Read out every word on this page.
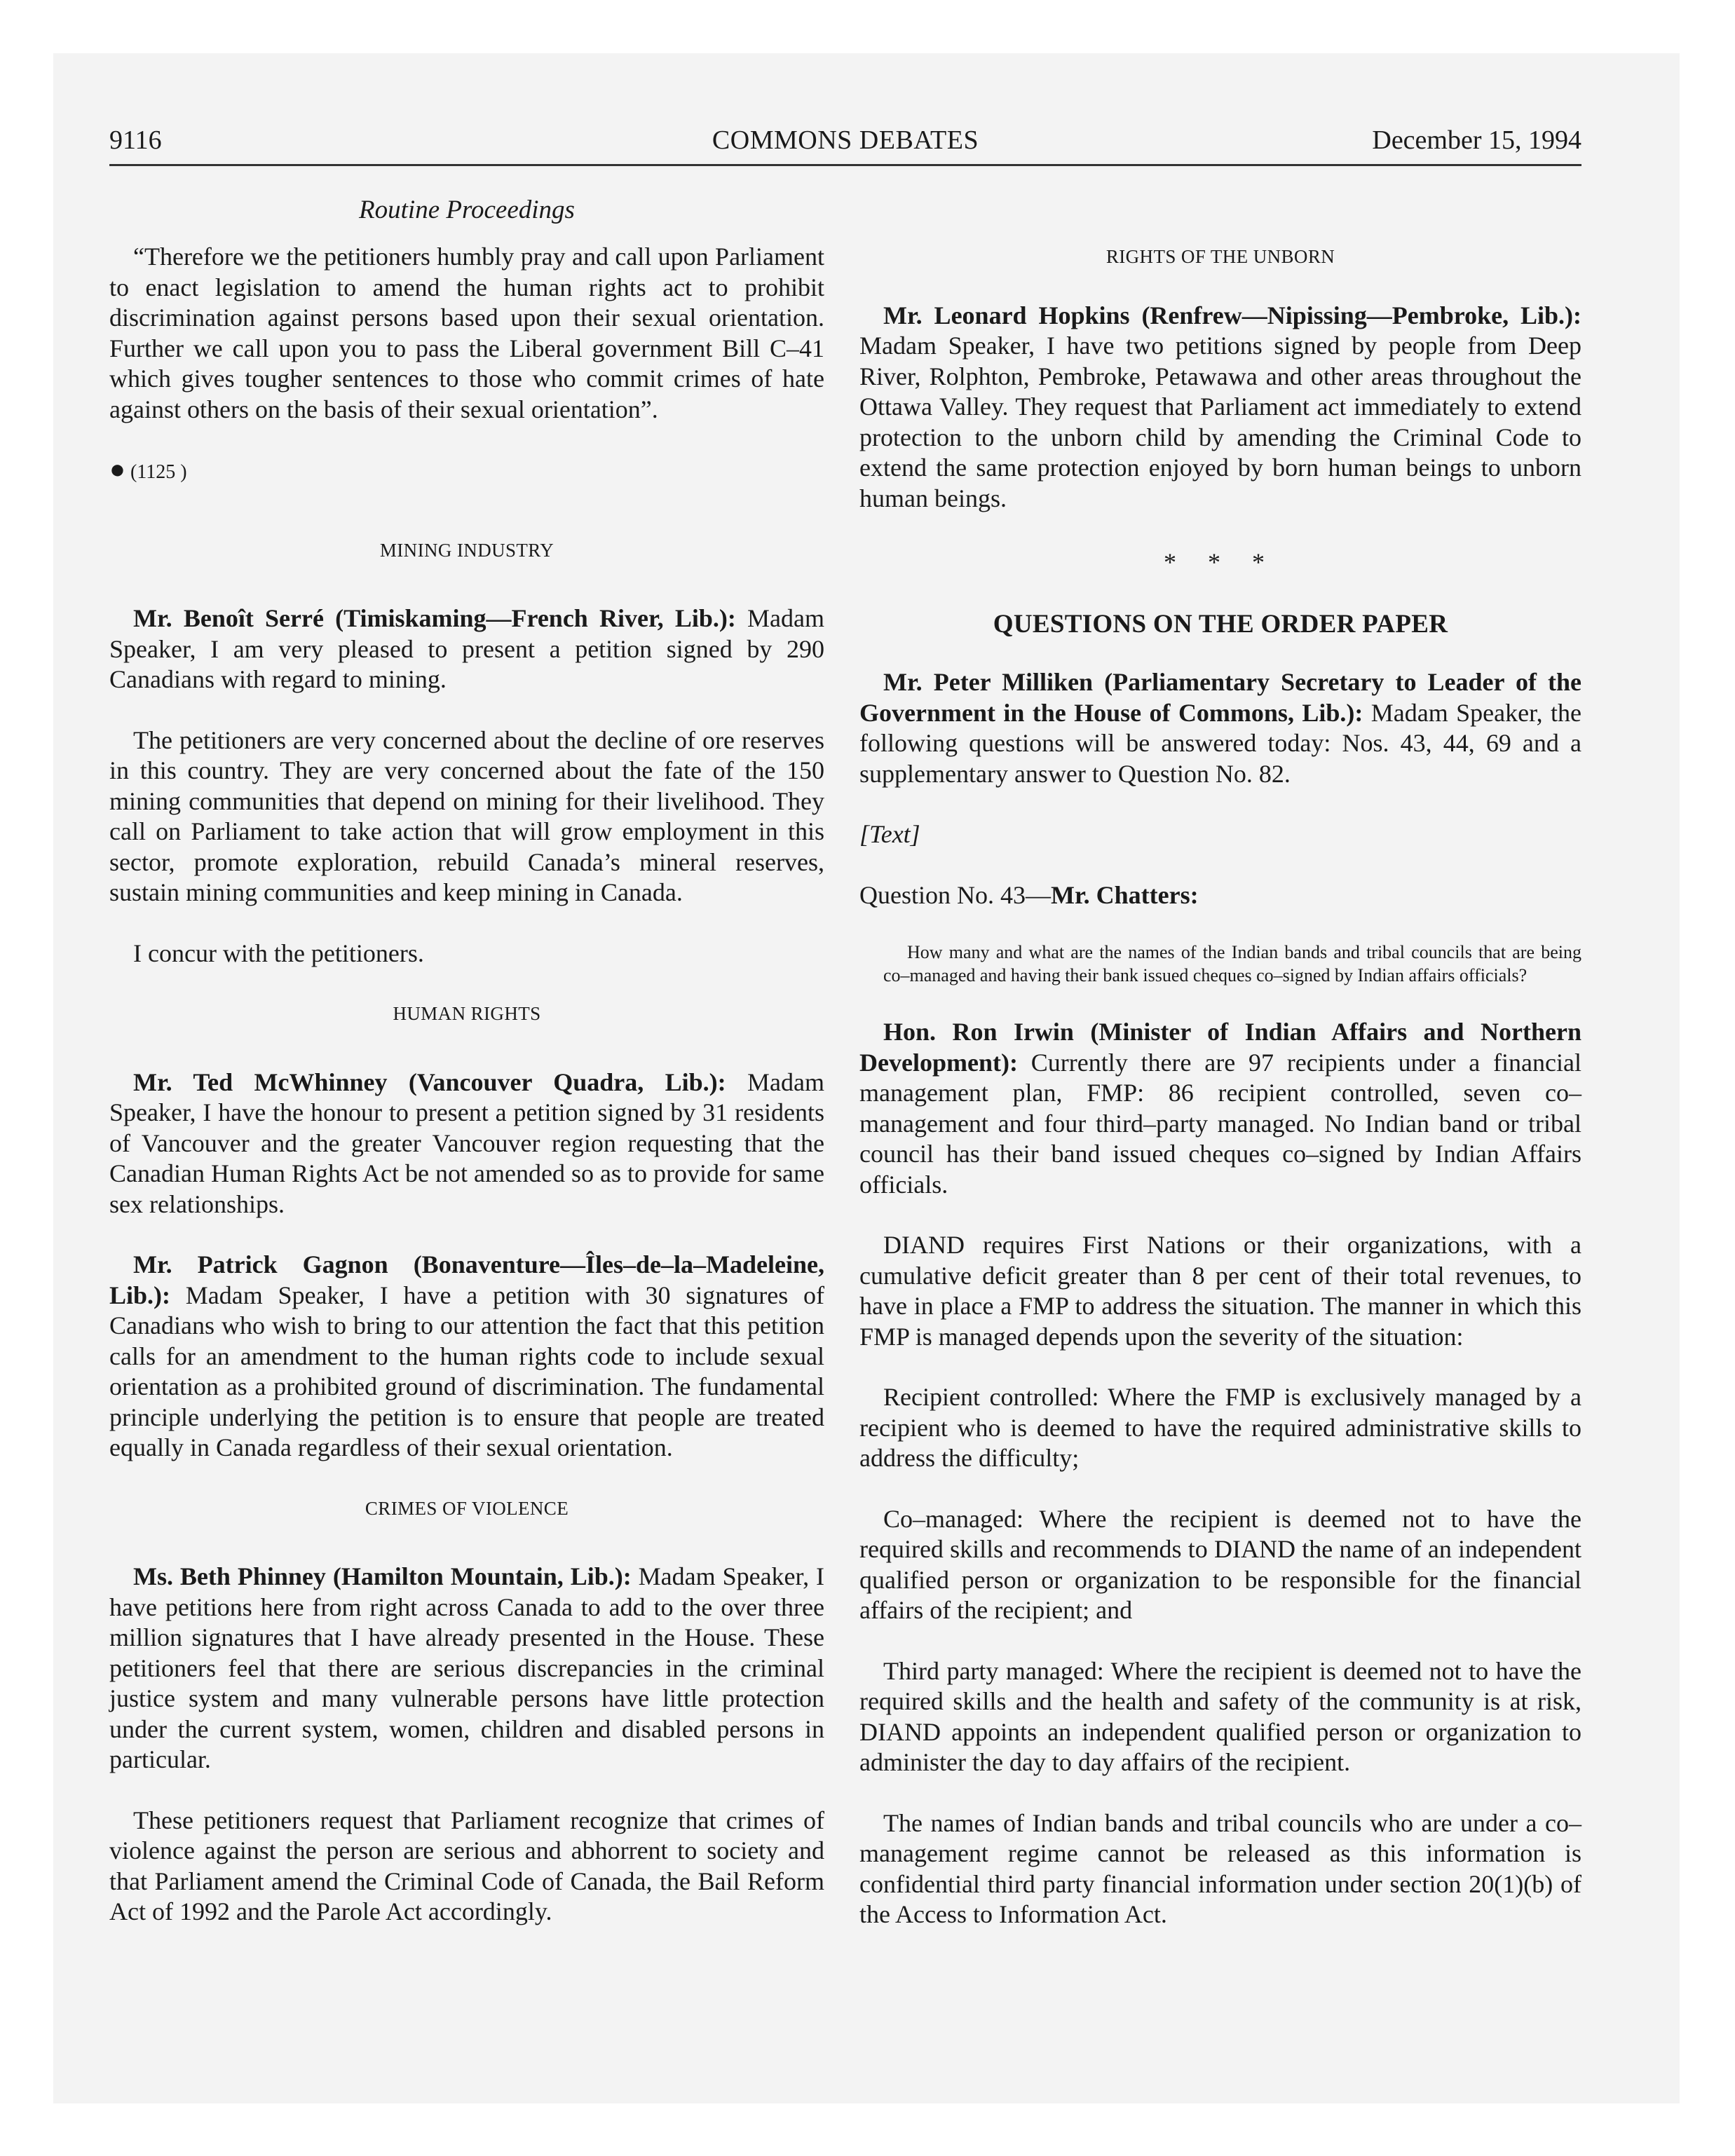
9116	COMMONS DEBATES	December 15, 1994
Routine Proceedings

“Therefore we the petitioners humbly pray and call upon Parliament to enact legislation to amend the human rights act to prohibit discrimination against persons based upon their sexual orientation. Further we call upon you to pass the Liberal government Bill C–41 which gives tougher sentences to those who commit crimes of hate against others on the basis of their sexual orientation”.

● (1125 )
MINING INDUSTRY

Mr. Benoît Serré (Timiskaming—French River, Lib.): Madam Speaker, I am very pleased to present a petition signed by 290 Canadians with regard to mining.

The petitioners are very concerned about the decline of ore reserves in this country. They are very concerned about the fate of the 150 mining communities that depend on mining for their livelihood. They call on Parliament to take action that will grow employment in this sector, promote exploration, rebuild Canada’s mineral reserves, sustain mining communities and keep mining in Canada.

I concur with the petitioners.

HUMAN RIGHTS

Mr. Ted McWhinney (Vancouver Quadra, Lib.): Madam Speaker, I have the honour to present a petition signed by 31 residents of Vancouver and the greater Vancouver region requesting that the Canadian Human Rights Act be not amended so as to provide for same sex relationships.

Mr. Patrick Gagnon (Bonaventure—Îles–de–la–Madeleine, Lib.): Madam Speaker, I have a petition with 30 signatures of Canadians who wish to bring to our attention the fact that this petition calls for an amendment to the human rights code to include sexual orientation as a prohibited ground of discrimination. The fundamental principle underlying the petition is to ensure that people are treated equally in Canada regardless of their sexual orientation.

CRIMES OF VIOLENCE

Ms. Beth Phinney (Hamilton Mountain, Lib.): Madam Speaker, I have petitions here from right across Canada to add to the over three million signatures that I have already presented in the House. These petitioners feel that there are serious discrepancies in the criminal justice system and many vulnerable persons have little protection under the current system, women, children and disabled persons in particular.

These petitioners request that Parliament recognize that crimes of violence against the person are serious and abhorrent to society and that Parliament amend the Criminal Code of Canada, the Bail Reform Act of 1992 and the Parole Act accordingly.

RIGHTS OF THE UNBORN

Mr. Leonard Hopkins (Renfrew—Nipissing—Pembroke, Lib.): Madam Speaker, I have two petitions signed by people from Deep River, Rolphton, Pembroke, Petawawa and other areas throughout the Ottawa Valley. They request that Parliament act immediately to extend protection to the unborn child by amending the Criminal Code to extend the same protection enjoyed by born human beings to unborn human beings.

* * *
QUESTIONS ON THE ORDER PAPER

Mr. Peter Milliken (Parliamentary Secretary to Leader of the Government in the House of Commons, Lib.): Madam Speaker, the following questions will be answered today: Nos. 43, 44, 69 and a supplementary answer to Question No. 82.

[Text]

Question No. 43—Mr. Chatters:

How many and what are the names of the Indian bands and tribal councils that are being co–managed and having their bank issued cheques co–signed by Indian affairs officials?

Hon. Ron Irwin (Minister of Indian Affairs and Northern Development): Currently there are 97 recipients under a financial management plan, FMP: 86 recipient controlled, seven co–management and four third–party managed. No Indian band or tribal council has their band issued cheques co–signed by Indian Affairs officials.

DIAND requires First Nations or their organizations, with a cumulative deficit greater than 8 per cent of their total revenues, to have in place a FMP to address the situation. The manner in which this FMP is managed depends upon the severity of the situation:

Recipient controlled: Where the FMP is exclusively managed by a recipient who is deemed to have the required administrative skills to address the difficulty;

Co–managed: Where the recipient is deemed not to have the required skills and recommends to DIAND the name of an independent qualified person or organization to be responsible for the financial affairs of the recipient; and

Third party managed: Where the recipient is deemed not to have the required skills and the health and safety of the community is at risk, DIAND appoints an independent qualified person or organization to administer the day to day affairs of the recipient.

The names of Indian bands and tribal councils who are under a co–management regime cannot be released as this information is confidential third party financial information under section 20(1)(b) of the Access to Information Act.
